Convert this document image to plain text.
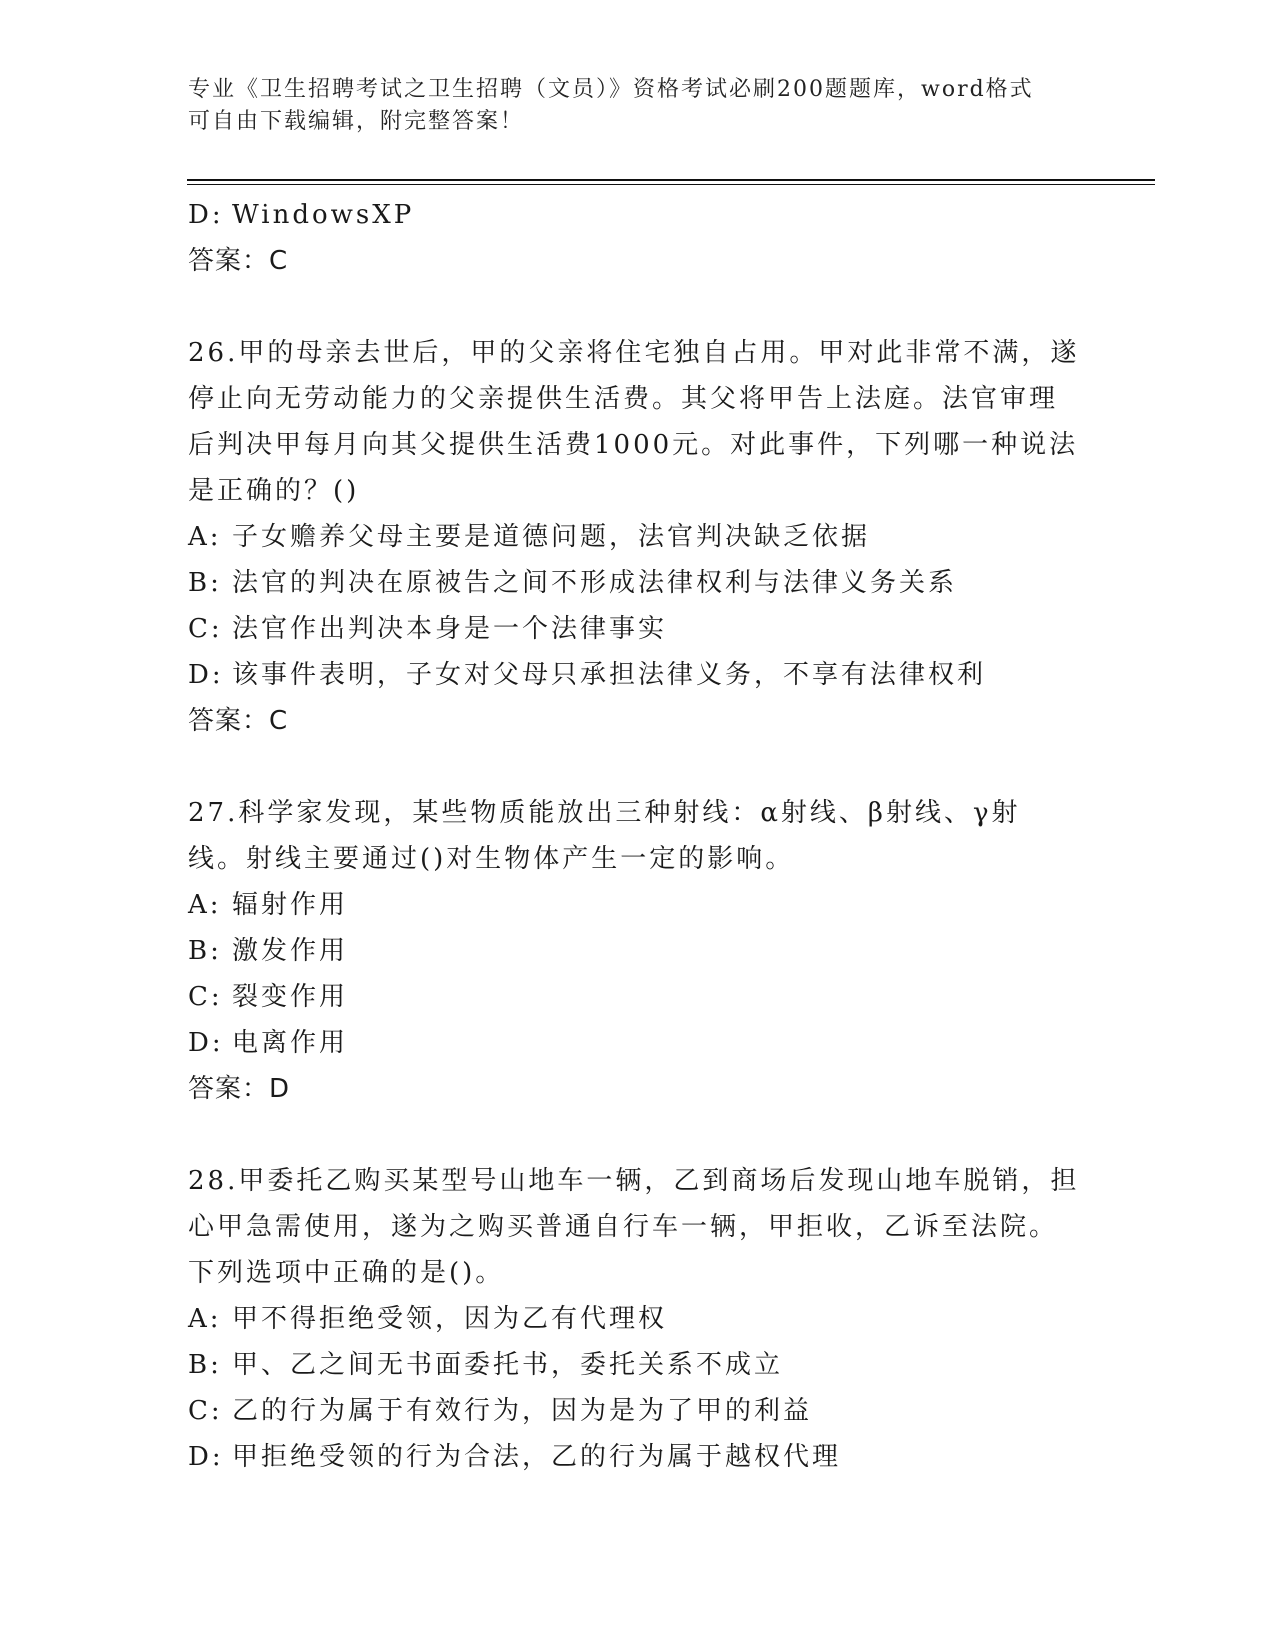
专业《卫生招聘考试之卫生招聘（文员）》资格考试必刷200题题库，word格式
可自由下载编辑，附完整答案！
D: WindowsXP
答案：C
26.甲的母亲去世后，甲的父亲将住宅独自占用。甲对此非常不满，遂
停止向无劳动能力的父亲提供生活费。其父将甲告上法庭。法官审理
后判决甲每月向其父提供生活费1000元。对此事件，下列哪一种说法
是正确的？()
A: 子女赡养父母主要是道德问题，法官判决缺乏依据
B: 法官的判决在原被告之间不形成法律权利与法律义务关系
C: 法官作出判决本身是一个法律事实
D: 该事件表明，子女对父母只承担法律义务，不享有法律权利
答案：C
27.科学家发现，某些物质能放出三种射线：α射线、β射线、γ射
线。射线主要通过()对生物体产生一定的影响。
A: 辐射作用
B: 激发作用
C: 裂变作用
D: 电离作用
答案：D
28.甲委托乙购买某型号山地车一辆，乙到商场后发现山地车脱销，担
心甲急需使用，遂为之购买普通自行车一辆，甲拒收，乙诉至法院。
下列选项中正确的是()。
A: 甲不得拒绝受领，因为乙有代理权
B: 甲、乙之间无书面委托书，委托关系不成立
C: 乙的行为属于有效行为，因为是为了甲的利益
D: 甲拒绝受领的行为合法，乙的行为属于越权代理
